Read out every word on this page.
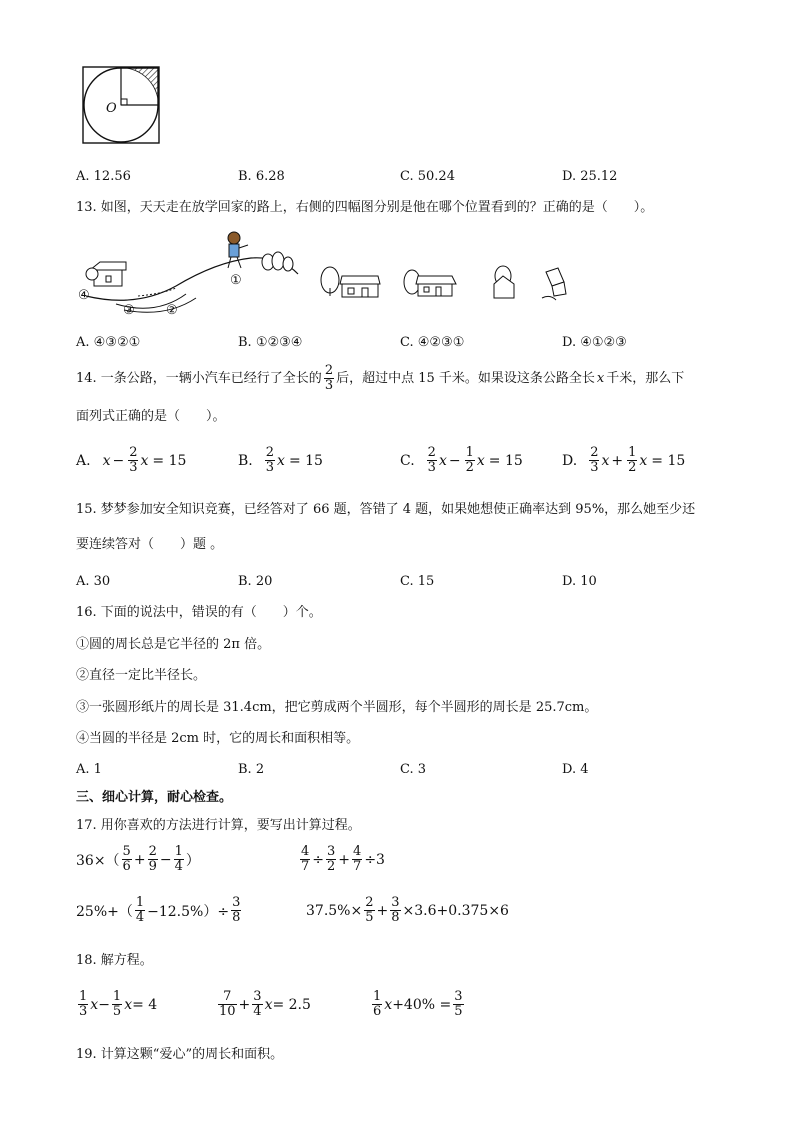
O
A. 12.56	B. 6.28	C. 50.24	D. 25.12
13. 如图，天天走在放学回家的路上，右侧的四幅图分别是他在哪个位置看到的？正确的是（　　）。
①
②
③
④
A. ④③②①	B. ①②③④	C. ④②③①	D. ④①②③
14. 一条公路，一辆小汽车已经行了全长的 $\frac{2}{3}$ 后，超过中点 15 千米。如果设这条公路全长 x 千米，那么下
面列式正确的是（　　）。
A. $x - \frac{2}{3}$ x = 15	B. $\frac{2}{3}$ x = 15	C. $\frac{2}{3}$ $x - \frac{1}{2}$ x = 15	D. $\frac{2}{3}$ $x + \frac{1}{2}$ x = 15
15. 梦梦参加安全知识竞赛，已经答对了 66 题，答错了 4 题，如果她想使正确率达到 95%，那么她至少还
要连续答对（　　）题 。
A. 30	B. 20	C. 15	D. 10
16. 下面的说法中，错误的有（　　）个。
①圆的周长总是它半径的 2π 倍。
②直径一定比半径长。
③一张圆形纸片的周长是 31.4cm，把它剪成两个半圆形，每个半圆形的周长是 25.7cm。
④当圆的半径是 2cm 时，它的周长和面积相等。
A. 1	B. 2	C. 3	D. 4
三、细心计算，耐心检查。
17. 用你喜欢的方法进行计算，要写出计算过程。
$36\times( \frac{5}{6} + \frac{2}{9} - \frac{1}{4}$ ）	$\frac{4}{7} \div \frac{3}{2} + \frac{4}{7} \div 3$
$25\%+( \frac{1}{4} -12.5\%)\div \frac{3}{8}$	$37.5\%\times \frac{2}{5} + \frac{3}{8} \times 3.6+0.375\times 6$
18. 解方程。
$\frac{1}{3}$ $x - \frac{1}{5}$ x = 4	$\frac{7}{10} + \frac{3}{4}$ x = 2.5	$\frac{1}{6}$ $x +40\% = \frac{3}{5}$
19. 计算这颗“爱心”的周长和面积。
